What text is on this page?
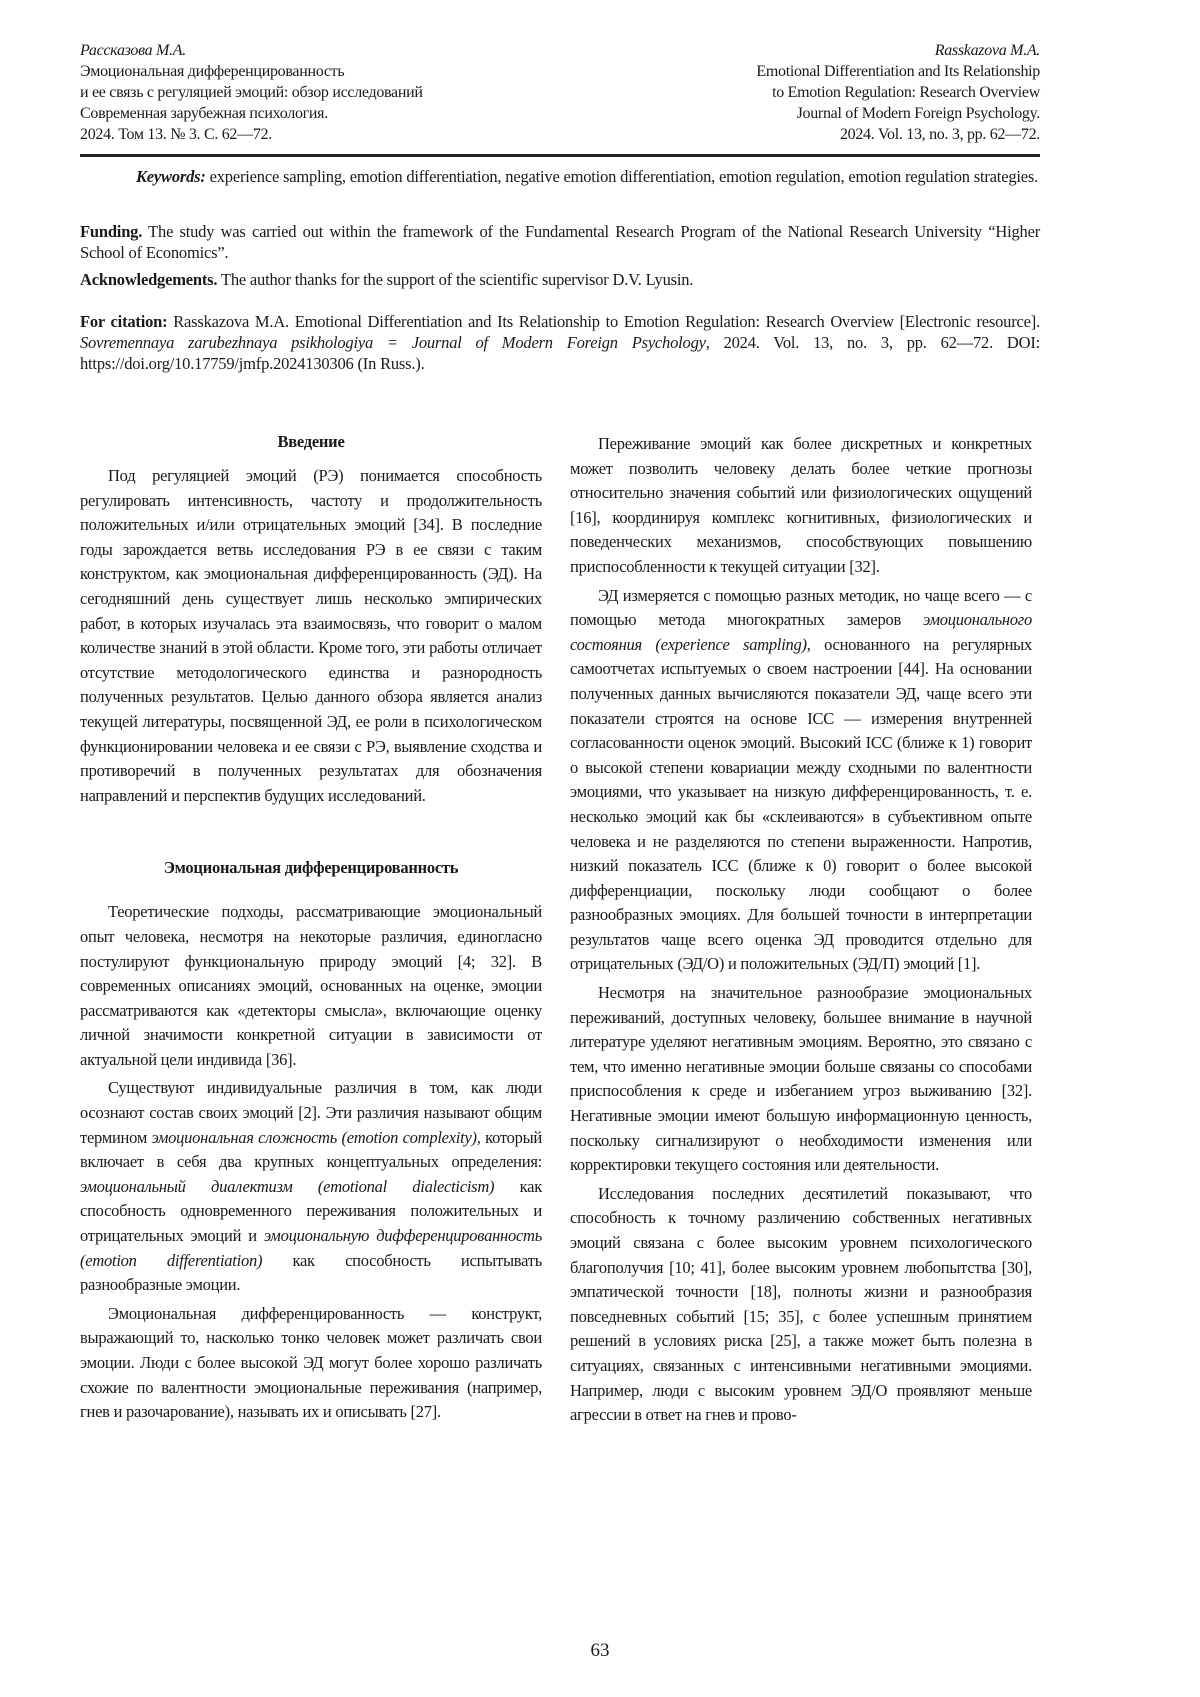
Рассказова М.А.
Эмоциональная дифференцированность
и ее связь с регуляцией эмоций: обзор исследований
Современная зарубежная психология.
2024. Том 13. № 3. С. 62—72.
Rasskazova M.A.
Emotional Differentiation and Its Relationship
to Emotion Regulation: Research Overview
Journal of Modern Foreign Psychology.
2024. Vol. 13, no. 3, pp. 62—72.
Keywords: experience sampling, emotion differentiation, negative emotion differentiation, emotion regulation, emotion regulation strategies.
Funding. The study was carried out within the framework of the Fundamental Research Program of the National Research University “Higher School of Economics”.
Acknowledgements. The author thanks for the support of the scientific supervisor D.V. Lyusin.
For citation: Rasskazova M.A. Emotional Differentiation and Its Relationship to Emotion Regulation: Research Overview [Electronic resource]. Sovremennaya zarubezhnaya psikhologiya = Journal of Modern Foreign Psychology, 2024. Vol. 13, no. 3, pp. 62—72. DOI: https://doi.org/10.17759/jmfp.2024130306 (In Russ.).
Введение

Под регуляцией эмоций (РЭ) понимается способность регулировать интенсивность, частоту и продолжительность положительных и/или отрицательных эмоций [34]. В последние годы зарождается ветвь исследования РЭ в ее связи с таким конструктом, как эмоциональная дифференцированность (ЭД). На сегодняшний день существует лишь несколько эмпирических работ, в которых изучалась эта взаимосвязь, что говорит о малом количестве знаний в этой области. Кроме того, эти работы отличает отсутствие методологического единства и разнородность полученных результатов. Целью данного обзора является анализ текущей литературы, посвященной ЭД, ее роли в психологическом функционировании человека и ее связи с РЭ, выявление сходства и противоречий в полученных результатах для обозначения направлений и перспектив будущих исследований.

Эмоциональная дифференцированность

Теоретические подходы, рассматривающие эмоциональный опыт человека, несмотря на некоторые различия, единогласно постулируют функциональную природу эмоций [4; 32]. В современных описаниях эмоций, основанных на оценке, эмоции рассматриваются как «детекторы смысла», включающие оценку личной значимости конкретной ситуации в зависимости от актуальной цели индивида [36].

Существуют индивидуальные различия в том, как люди осознают состав своих эмоций [2]. Эти различия называют общим термином эмоциональная сложность (emotion complexity), который включает в себя два крупных концептуальных определения: эмоциональный диалектизм (emotional dialecticism) как способность одновременного переживания положительных и отрицательных эмоций и эмоциональную дифференцированность (emotion differentiation) как способность испытывать разнообразные эмоции.

Эмоциональная дифференцированность — конструкт, выражающий то, насколько тонко человек может различать свои эмоции. Люди с более высокой ЭД могут более хорошо различать схожие по валентности эмоциональные переживания (например, гнев и разочарование), называть их и описывать [27].

Переживание эмоций как более дискретных и конкретных может позволить человеку делать более четкие прогнозы относительно значения событий или физиологических ощущений [16], координируя комплекс когнитивных, физиологических и поведенческих механизмов, способствующих повышению приспособленности к текущей ситуации [32].

ЭД измеряется с помощью разных методик, но чаще всего — с помощью метода многократных замеров эмоционального состояния (experience sampling), основанного на регулярных самоотчетах испытуемых о своем настроении [44]. На основании полученных данных вычисляются показатели ЭД, чаще всего эти показатели строятся на основе ICC — измерения внутренней согласованности оценок эмоций. Высокий ICC (ближе к 1) говорит о высокой степени ковариации между сходными по валентности эмоциями, что указывает на низкую дифференцированность, т. е. несколько эмоций как бы «склеиваются» в субъективном опыте человека и не разделяются по степени выраженности. Напротив, низкий показатель ICC (ближе к 0) говорит о более высокой дифференциации, поскольку люди сообщают о более разнообразных эмоциях. Для большей точности в интерпретации результатов чаще всего оценка ЭД проводится отдельно для отрицательных (ЭД/О) и положительных (ЭД/П) эмоций [1].

Несмотря на значительное разнообразие эмоциональных переживаний, доступных человеку, большее внимание в научной литературе уделяют негативным эмоциям. Вероятно, это связано с тем, что именно негативные эмоции больше связаны со способами приспособления к среде и избеганием угроз выживанию [32]. Негативные эмоции имеют большую информационную ценность, поскольку сигнализируют о необходимости изменения или корректировки текущего состояния или деятельности.

Исследования последних десятилетий показывают, что способность к точному различению собственных негативных эмоций связана с более высоким уровнем психологического благополучия [10; 41], более высоким уровнем любопытства [30], эмпатической точности [18], полноты жизни и разнообразия повседневных событий [15; 35], с более успешным принятием решений в условиях риска [25], а также может быть полезна в ситуациях, связанных с интенсивными негативными эмоциями. Например, люди с высоким уровнем ЭД/О проявляют меньше агрессии в ответ на гнев и прово-

63
